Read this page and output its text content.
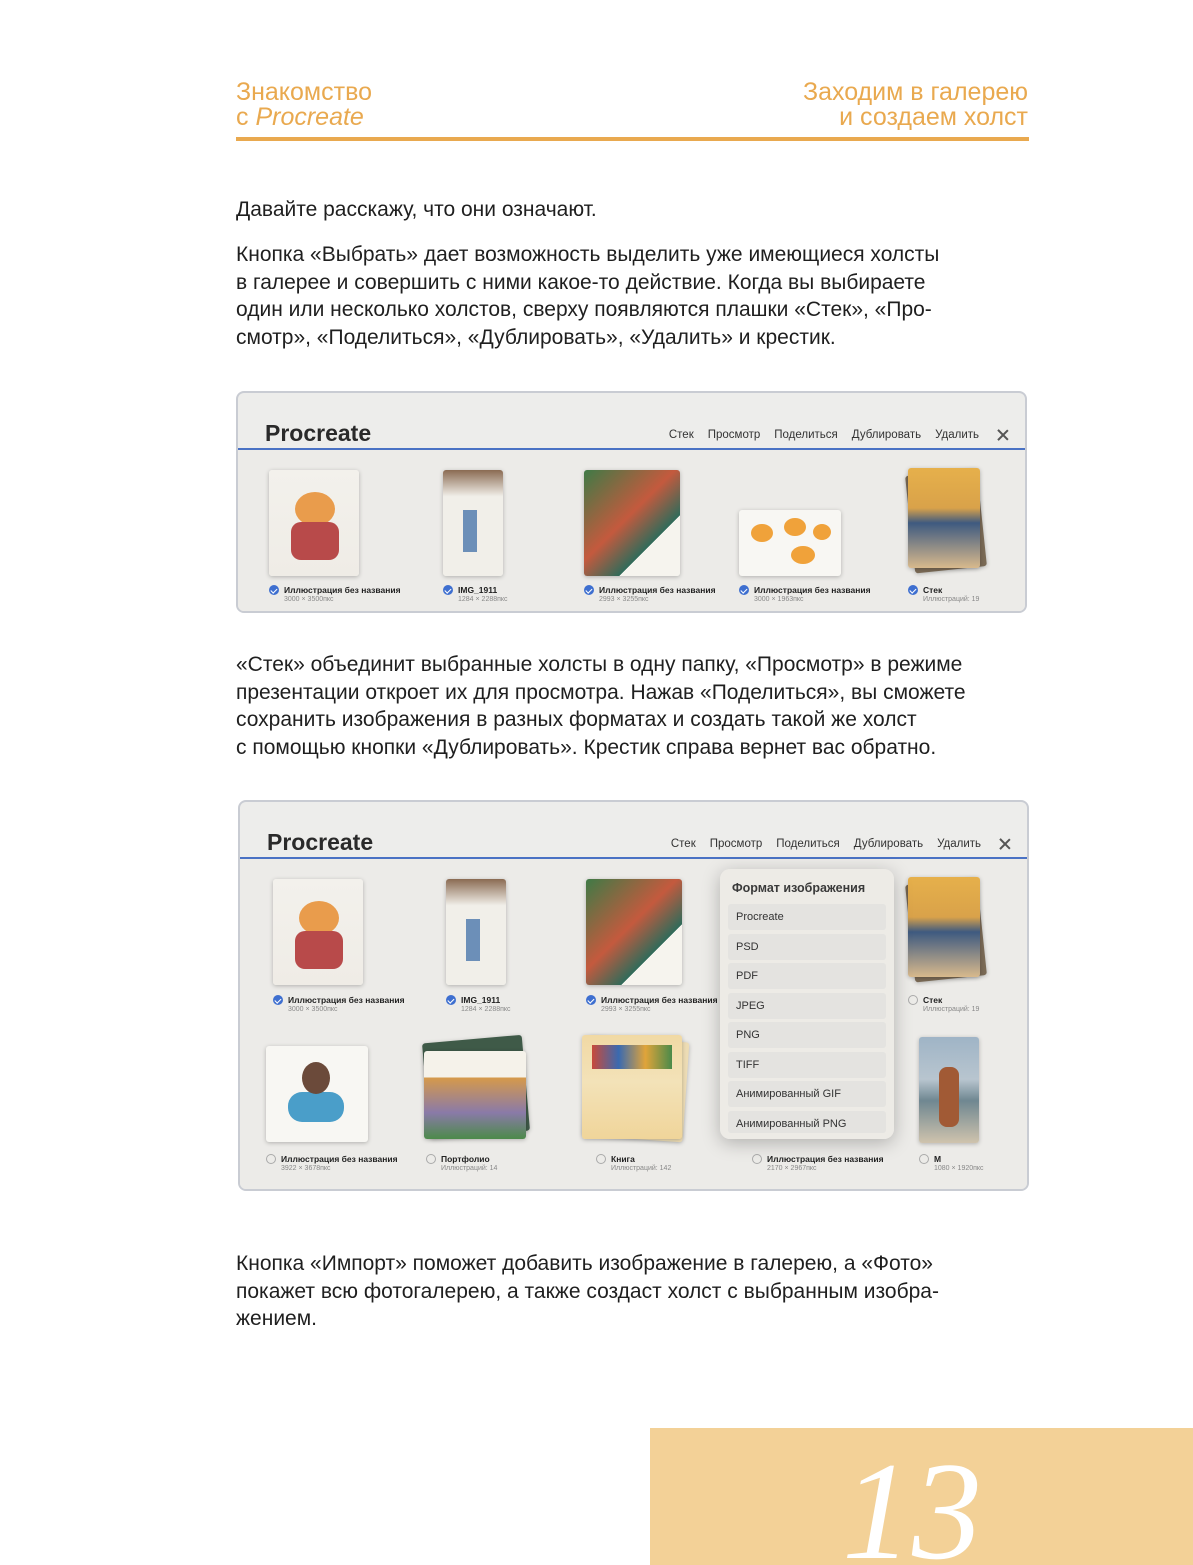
Знакомство
с Procreate
Заходим в галерею
и создаем холст
Давайте расскажу, что они означают.
Кнопка «Выбрать» дает возможность выделить уже имеющиеся холсты
в галерее и совершить с ними какое-то действие. Когда вы выбираете
один или несколько холстов, сверху появляются плашки «Стек», «Про-
смотр», «Поделиться», «Дублировать», «Удалить» и крестик.
Procreate	Стек Просмотр Поделиться Дублировать Удалить
Иллюстрация без названия
3000 × 3500пкс
IMG_1911
1284 × 2288пкс
Иллюстрация без названия
2993 × 3255пкс
Иллюстрация без названия
3000 × 1963пкс
Стек
Иллюстраций: 19
«Стек» объединит выбранные холсты в одну папку, «Просмотр» в режиме
презентации откроет их для просмотра. Нажав «Поделиться», вы сможете
сохранить изображения в разных форматах и создать такой же холст
с помощью кнопки «Дублировать». Крестик справа вернет вас обратно.
Procreate	Стек Просмотр Поделиться Дублировать Удалить
Иллюстрация без названия
3000 × 3500пкс
IMG_1911
1284 × 2288пкс
Иллюстрация без названия
2993 × 3255пкс
Стек
Иллюстраций: 19
Иллюстрация без названия
3922 × 3678пкс
Портфолио
Иллюстраций: 14
Книга
Иллюстраций: 142
Иллюстрация без названия
2170 × 2967пкс
M
1080 × 1920пкс
Формат изображения
Procreate
PSD
PDF
JPEG
PNG
TIFF
Анимированный GIF
Анимированный PNG
Кнопка «Импорт» поможет добавить изображение в галерею, а «Фото»
покажет всю фотогалерею, а также создаст холст с выбранным изобра-
жением.
13
